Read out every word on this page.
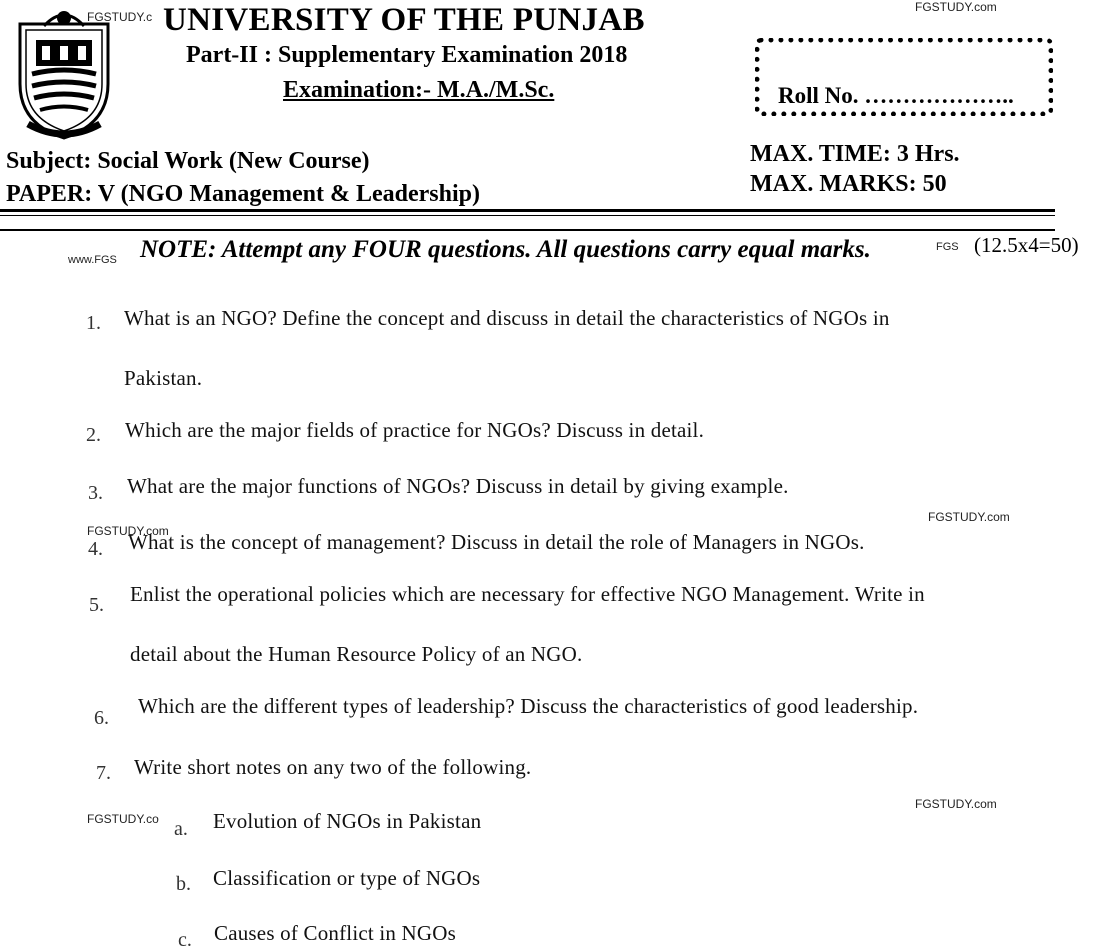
FGSTUDY.c
FGSTUDY.com
www.FGS
FGS
FGSTUDY.com
FGSTUDY.com
FGSTUDY.com
FGSTUDY.co
UNIVERSITY OF THE PUNJAB
Part-II : Supplementary Examination 2018
Examination:- M.A./M.Sc.	Roll No. ………………..
Subject: Social Work (New Course)
PAPER: V (NGO Management & Leadership)
MAX. TIME: 3 Hrs.
MAX. MARKS: 50
NOTE: Attempt any FOUR questions. All questions carry equal marks.	(12.5x4=50)
1. What is an NGO? Define the concept and discuss in detail the characteristics of NGOs in
Pakistan.
2. Which are the major fields of practice for NGOs? Discuss in detail.
3. What are the major functions of NGOs? Discuss in detail by giving example.
4. What is the concept of management? Discuss in detail the role of Managers in NGOs.
5. Enlist the operational policies which are necessary for effective NGO Management. Write in
detail about the Human Resource Policy of an NGO.
6. Which are the different types of leadership? Discuss the characteristics of good leadership.
7. Write short notes on any two of the following.
a. Evolution of NGOs in Pakistan
b. Classification or type of NGOs
c. Causes of Conflict in NGOs
